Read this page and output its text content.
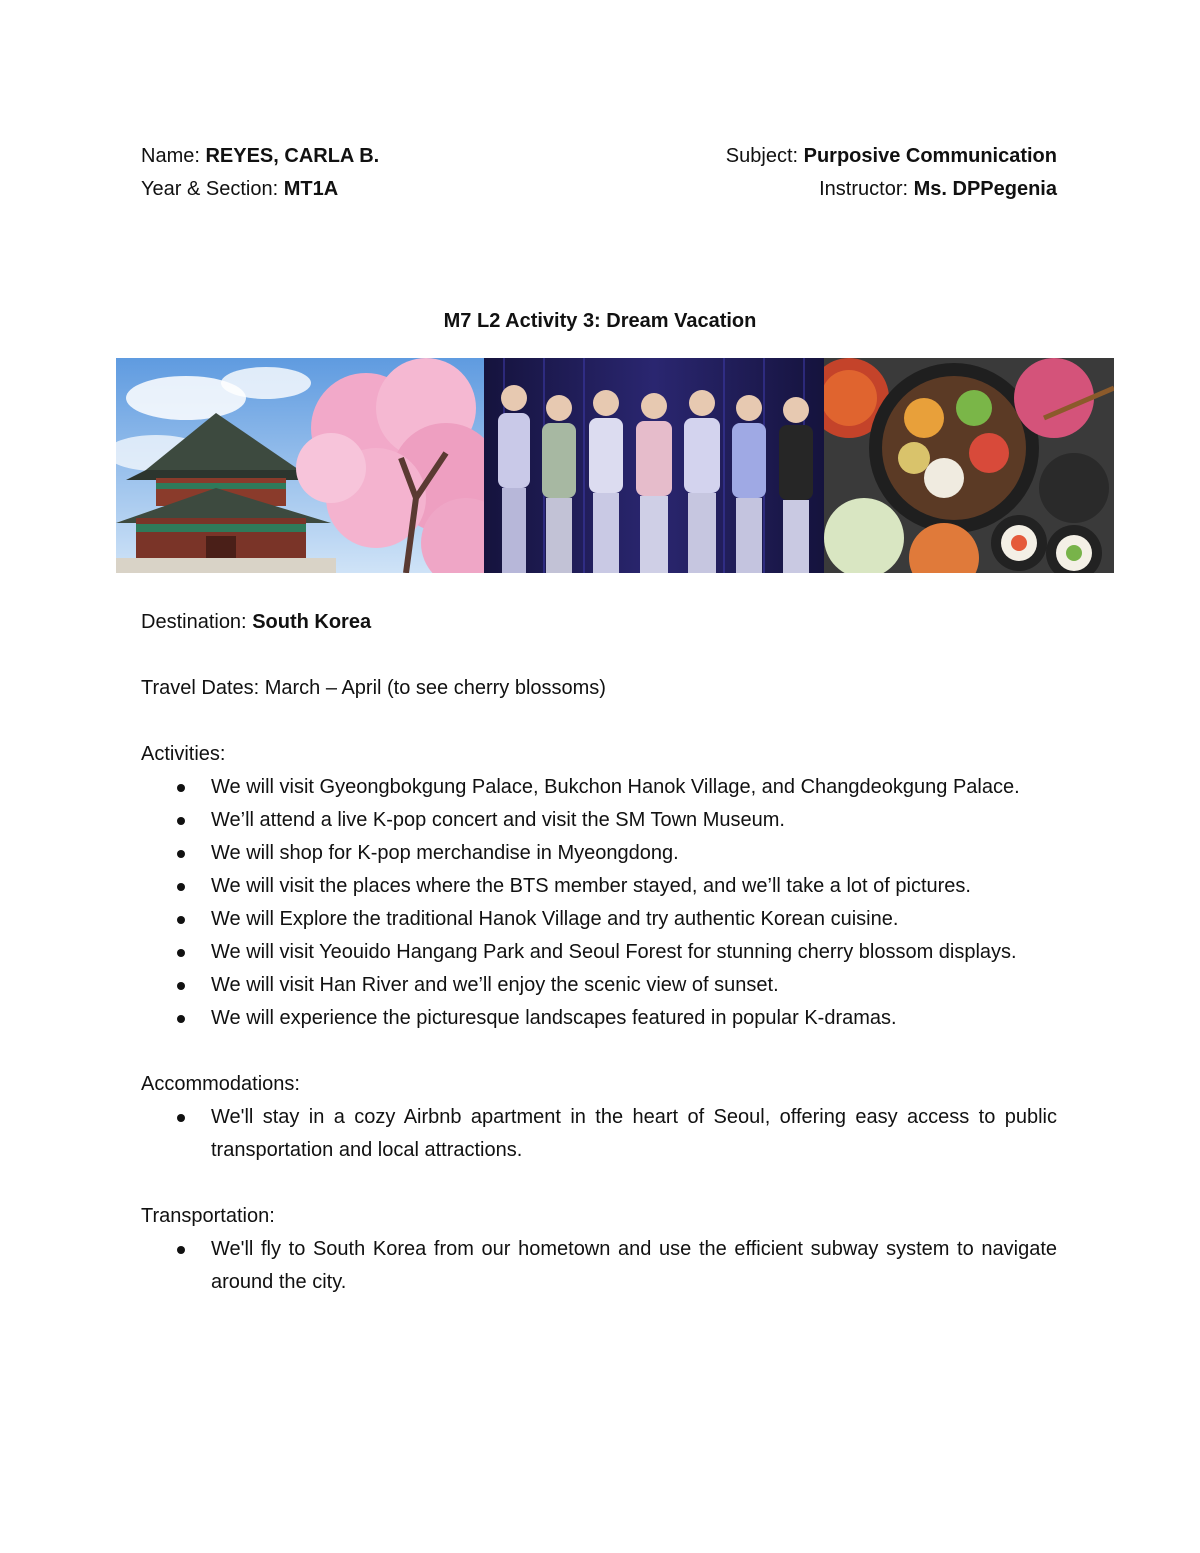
Name: REYES, CARLA B.	Subject: Purposive Communication
Year & Section: MT1A	Instructor: Ms. DPPegenia
M7 L2 Activity 3: Dream Vacation
Destination: South Korea
Travel Dates: March – April (to see cherry blossoms)
Activities:
We will visit Gyeongbokgung Palace, Bukchon Hanok Village, and Changdeokgung Palace.
We’ll attend a live K-pop concert and visit the SM Town Museum.
We will shop for K-pop merchandise in Myeongdong.
We will visit the places where the BTS member stayed, and we’ll take a lot of pictures.
We will Explore the traditional Hanok Village and try authentic Korean cuisine.
We will visit Yeouido Hangang Park and Seoul Forest for stunning cherry blossom displays.
We will visit Han River and we’ll enjoy the scenic view of sunset.
We will experience the picturesque landscapes featured in popular K-dramas.
Accommodations:
We'll stay in a cozy Airbnb apartment in the heart of Seoul, offering easy access to public transportation and local attractions.
Transportation:
We'll fly to South Korea from our hometown and use the efficient subway system to navigate around the city.
